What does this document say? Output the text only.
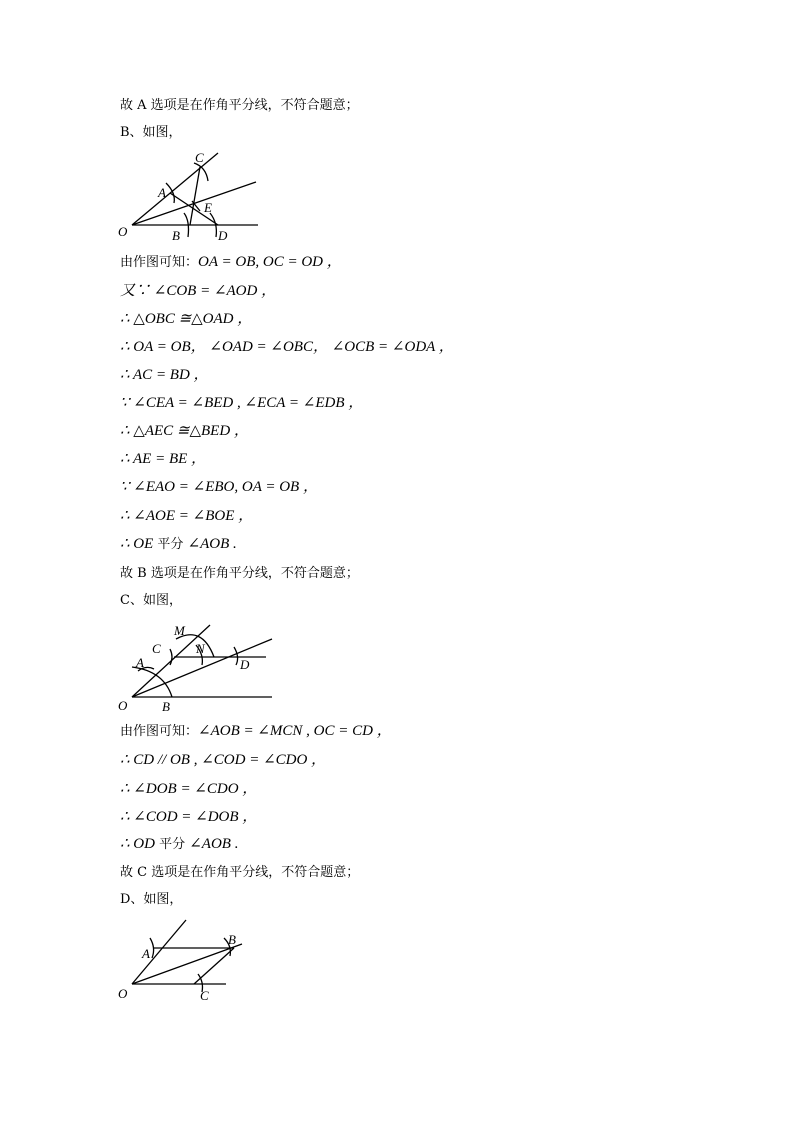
故 A 选项是在作角平分线，不符合题意；
B、如图，
O
A
B
C
D
E
由作图可知：OA = OB, OC = OD ，
又∵ ∠COB = ∠AOD ，
∴ △OBC ≅△OAD ，
∴ OA = OB， ∠OAD = ∠OBC， ∠OCB = ∠ODA ，
∴ AC = BD ，
∵ ∠CEA = ∠BED , ∠ECA = ∠EDB ，
∴ △AEC ≅△BED ，
∴ AE = BE ，
∵ ∠EAO = ∠EBO, OA = OB ，
∴ ∠AOE = ∠BOE ，
∴ OE 平分 ∠AOB .
故 B 选项是在作角平分线，不符合题意；
C、如图，
O
A
B
C
D
M
N
由作图可知：∠AOB = ∠MCN , OC = CD ，
∴ CD // OB , ∠COD = ∠CDO ，
∴ ∠DOB = ∠CDO ，
∴ ∠COD = ∠DOB ，
∴ OD 平分 ∠AOB .
故 C 选项是在作角平分线，不符合题意；
D、如图，
O
A
B
C
